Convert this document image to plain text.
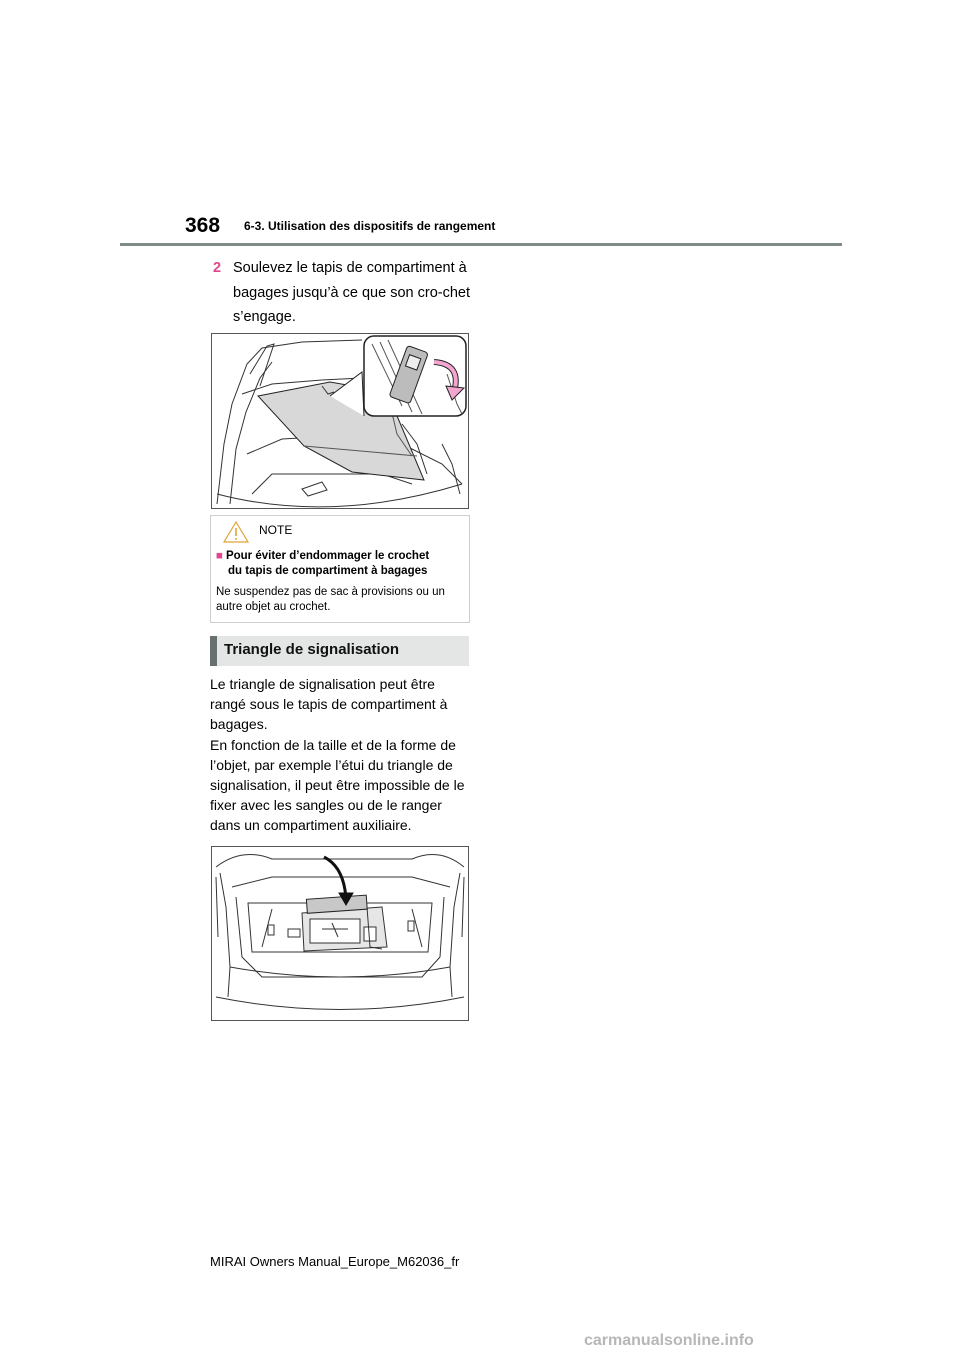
368 6-3. Utilisation des dispositifs de rangement
2 Soulevez le tapis de compartiment à bagages jusqu’à ce que son cro-chet s’engage.
NOTE
■ Pour éviter d’endommager le crochet
du tapis de compartiment à bagages
Ne suspendez pas de sac à provisions ou un autre objet au crochet.
Triangle de signalisation
Le triangle de signalisation peut être rangé sous le tapis de compartiment à bagages.
En fonction de la taille et de la forme de l’objet, par exemple l’étui du triangle de signalisation, il peut être impossible de le fixer avec les sangles ou de le ranger dans un compartiment auxiliaire.
MIRAI Owners Manual_Europe_M62036_fr
carmanualsonline.info
